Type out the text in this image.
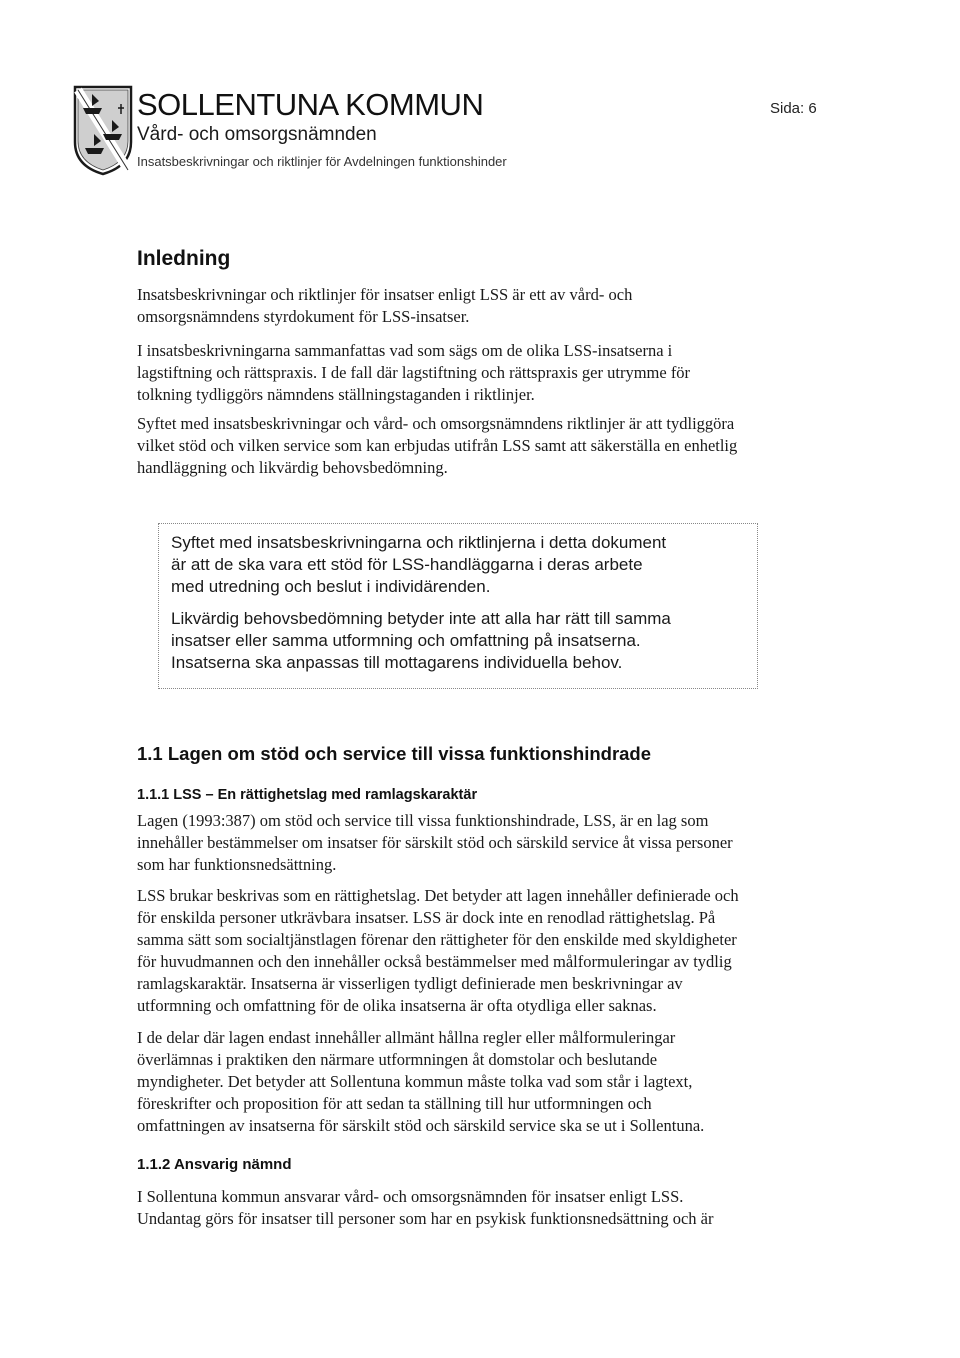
SOLLENTUNA KOMMUN
Vård- och omsorgsnämnden
Insatsbeskrivningar och riktlinjer för Avdelningen funktionshinder
Sida: 6
Inledning

Insatsbeskrivningar och riktlinjer för insatser enligt LSS är ett av vård- och

omsorgsnämndens styrdokument för LSS-insatser.

I insatsbeskrivningarna sammanfattas vad som sägs om de olika LSS-insatserna i

lagstiftning och rättspraxis. I de fall där lagstiftning och rättspraxis ger utrymme för

tolkning tydliggörs nämndens ställningstaganden i riktlinjer.

Syftet med insatsbeskrivningar och vård- och omsorgsnämndens riktlinjer är att tydliggöra

vilket stöd och vilken service som kan erbjudas utifrån LSS samt att säkerställa en enhetlig

handläggning och likvärdig behovsbedömning.

Syftet med insatsbeskrivningarna och riktlinjerna i detta dokument
är att de ska vara ett stöd för LSS-handläggarna i deras arbete
med utredning och beslut i individärenden.

Likvärdig behovsbedömning betyder inte att alla har rätt till samma
insatser eller samma utformning och omfattning på insatserna.
Insatserna ska anpassas till mottagarens individuella behov.

1.1 Lagen om stöd och service till vissa funktionshindrade
1.1.1 LSS – En rättighetslag med ramlagskaraktär

Lagen (1993:387) om stöd och service till vissa funktionshindrade, LSS, är en lag som

innehåller bestämmelser om insatser för särskilt stöd och särskild service åt vissa personer

som har funktionsnedsättning.

LSS brukar beskrivas som en rättighetslag. Det betyder att lagen innehåller definierade och

för enskilda personer utkrävbara insatser. LSS är dock inte en renodlad rättighetslag. På

samma sätt som socialtjänstlagen förenar den rättigheter för den enskilde med skyldigheter

för huvudmannen och den innehåller också bestämmelser med målformuleringar av tydlig

ramlagskaraktär. Insatserna är visserligen tydligt definierade men beskrivningar av

utformning och omfattning för de olika insatserna är ofta otydliga eller saknas.

I de delar där lagen endast innehåller allmänt hållna regler eller målformuleringar

överlämnas i praktiken den närmare utformningen åt domstolar och beslutande

myndigheter. Det betyder att Sollentuna kommun måste tolka vad som står i lagtext,

föreskrifter och proposition för att sedan ta ställning till hur utformningen och

omfattningen av insatserna för särskilt stöd och särskild service ska se ut i Sollentuna.

1.1.2 Ansvarig nämnd

I Sollentuna kommun ansvarar vård- och omsorgsnämnden för insatser enligt LSS.

Undantag görs för insatser till personer som har en psykisk funktionsnedsättning och är
